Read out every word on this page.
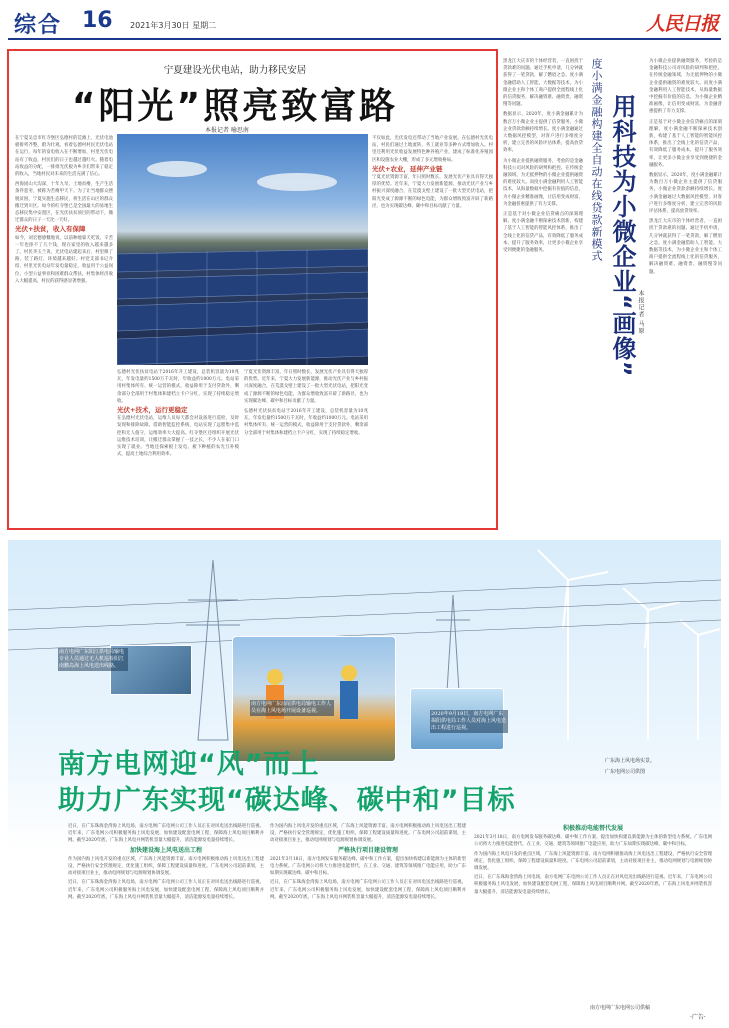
综合 16 2021年3月30日 星期二	人民日报
宁夏建设光伏电站，助力移民安居
“阳光”照亮致富路
本报记者 喻思南

在宁夏吴忠市红寺堡区弘德村的荒滩上，光伏电池板排列齐整，蔚为壮观。看着弘德村村民光伏电站在运行，每年的发电收入在不断增加，村里光伏电站有了收益，村民们的日子也越过越红火。随着电站收益的分配，一排排光伏板为乡亲们带来了稳定的收入，当地村民对未来的生活充满了信心。

西海固山大沟深，十年九旱，土地贫瘠，生产生活条件恶劣，被称为苦瘠甲天下。为了让当地群众摆脱贫困，宁夏实施生态移民，将生活在山区的群众搬迁到川区。如今的红寺堡已是全国最大的易地生态移民集中安置区，在光伏扶贫项目的带动下，搬迁群众的日子一天比一天好。

光伏+扶贫，收入有保障

如今，刘宏德感慨地说，以前种地靠天吃饭，辛苦一年也挣不了几个钱，现在家里的收入越来越多了。村民李玉兰说，光伏电站建起来后，村里修了路，装了路灯，环境越来越好。村党支部书记介绍，村里光伏电站年发电量稳定，收益用于公益岗位、小型公益事业和困难群众帮扶，村集体经济收入大幅提高，村民的获得感显著增强。

不仅如此，光伏发电还带动了当地产业发展。在弘德村光伏电站，村民们通过土地流转、务工就业等多种方式增加收入。村里还利用光伏收益发展特色种养殖产业，建成了标准化养殖园区和设施农业大棚，形成了多元增收格局。

光伏+农业，延伸产业链

宁夏光伏资源丰富，年日照时数长，发展光伏产业具有得天独厚的优势。近年来，宁夏大力发展新能源，推动光伏产业与乡村振兴深度融合，在荒漠戈壁上建设了一批大型光伏电站，把阳光变成了源源不断的绿色电能，为群众增收致富开辟了新路径，也为实现碳达峰、碳中和目标贡献了力量。

弘德村光伏扶贫电站于2016年开工建设，总装机容量为10兆瓦，年发电量约1500万千瓦时，年收益约1000万元。电站采用村集体所有、统一运营的模式，收益除用于支付贷款外，剩余部分全部用于村集体和建档立卡户分红，实现了持续稳定增收。

光伏+技术，运行更稳定

在弘德村光伏电站，运维人员每天都会对设备进行巡检，及时发现和排除故障。借助智能监控系统，电站实现了远程集中监控和无人值守，运维效率大大提高。红寺堡区还组织开展光伏运维技术培训，让搬迁群众掌握了一技之长，不少人在家门口实现了就业。当地还探索板上发电、板下种植的农光互补模式，提高土地综合利用效率。

宁夏光伏资源丰富，年日照时数长，发展光伏产业具有得天独厚的优势。近年来，宁夏大力发展新能源，推动光伏产业与乡村振兴深度融合，在荒漠戈壁上建设了一批大型光伏电站，把阳光变成了源源不断的绿色电能，为群众增收致富开辟了新路径，也为实现碳达峰、碳中和目标贡献了力量。

弘德村光伏扶贫电站于2016年开工建设，总装机容量为10兆瓦，年发电量约1500万千瓦时，年收益约1000万元。电站采用村集体所有、统一运营的模式，收益除用于支付贷款外，剩余部分全部用于村集体和建档立卡户分红，实现了持续稳定增收。

黑龙江大庆市的个体经营者，一直困扰于贷款难的问题。通过手机申请，几分钟就获得了一笔贷款，解了燃眉之急。度小满金融借助人工智能、大数据等技术，为小微企业主和个体工商户提供全流程线上化的信贷服务，解决融资难、融资贵、融资慢等问题。

数据显示，2020年，度小满金融累计为数百万小微企业主提供了信贷服务，小微企业贷款余额持续增长。度小满金融通过大数据风控模型，对客户进行多维度分析，建立完善的风险评估体系，提高放贷效率。

为小微企业提供融资服务，考验的是金融科技公司对风险的研判和把控。在传统金融领域，为无抵押物的小微企业提供融资的难度较大。而度小满金融利用人工智能技术，从海量数据中挖掘有价值的信息，为小微企业精准画像，让信用变成财富，为金融普惠提供了有力支撑。

正是基于对小微企业信贷痛点的深刻理解，度小满金融不断探索技术创新，构建了基于人工智能的智能风控体系，推出了全线上化的信贷产品，有效降低了服务成本，提升了服务效率，让更多小微企业享受到便捷的金融服务。	度小满金融构建全自动在线贷款新模式 用科技为小微企业“画像” 本报记者 马原

为小微企业提供融资服务，考验的是金融科技公司对风险的研判和把控。在传统金融领域，为无抵押物的小微企业提供融资的难度较大。而度小满金融利用人工智能技术，从海量数据中挖掘有价值的信息，为小微企业精准画像，让信用变成财富，为金融普惠提供了有力支撑。

正是基于对小微企业信贷痛点的深刻理解，度小满金融不断探索技术创新，构建了基于人工智能的智能风控体系，推出了全线上化的信贷产品，有效降低了服务成本，提升了服务效率，让更多小微企业享受到便捷的金融服务。

数据显示，2020年，度小满金融累计为数百万小微企业主提供了信贷服务，小微企业贷款余额持续增长。度小满金融通过大数据风控模型，对客户进行多维度分析，建立完善的风险评估体系，提高放贷效率。

黑龙江大庆市的个体经营者，一直困扰于贷款难的问题。通过手机申请，几分钟就获得了一笔贷款，解了燃眉之急。度小满金融借助人工智能、大数据等技术，为小微企业主和个体工商户提供全流程线上化的信贷服务，解决融资难、融资贵、融资慢等问题。

南方电网广东阳江供电局输电专业人员通过无人机巡检阳江南鹏岛海上风电送出线路。
南方电网广东汕尾供电局输电工作人员在海上风电场开展设备巡视。	2020年9月18日，南方电网广东揭阳供电局工作人员对海上风电送出工程进行巡视。
广东海上风电场实景。
广东电网公司供图
南方电网迎“风”而上
助力广东实现“碳达峰、碳中和”目标

近日，在广东珠海金湾海上风电场，南方电网广东电网公司工作人员正在对风电送出线路进行巡视。近年来，广东电网公司积极服务海上风电发展，加快建设配套电网工程，保障海上风电项目顺利并网。截至2020年底，广东海上风电并网装机容量大幅提升，清洁能源发电量持续增长。

加快建设海上风电送出工程

作为国内海上风电开发的重点区域，广东海上风能资源丰富。南方电网积极推动海上风电送出工程建设，严格执行安全管理规定，优化施工组织，保障工程建设质量和进度。广东电网公司超前谋划，主动对接项目业主，推动电网规划与电源规划协调发展。

近日，在广东珠海金湾海上风电场，南方电网广东电网公司工作人员正在对风电送出线路进行巡视。近年来，广东电网公司积极服务海上风电发展，加快建设配套电网工程，保障海上风电项目顺利并网。截至2020年底，广东海上风电并网装机容量大幅提升，清洁能源发电量持续增长。

作为国内海上风电开发的重点区域，广东海上风能资源丰富。南方电网积极推动海上风电送出工程建设，严格执行安全管理规定，优化施工组织，保障工程建设质量和进度。广东电网公司超前谋划，主动对接项目业主，推动电网规划与电源规划协调发展。

严格执行项目建设管理

2021年3月18日，南方电网发布服务碳达峰、碳中和工作方案，提出加快构建以新能源为主体的新型电力系统。广东电网公司将大力推进电能替代，在工业、交通、建筑等领域推广电能应用，助力广东如期实现碳达峰、碳中和目标。

近日，在广东珠海金湾海上风电场，南方电网广东电网公司工作人员正在对风电送出线路进行巡视。近年来，广东电网公司积极服务海上风电发展，加快建设配套电网工程，保障海上风电项目顺利并网。截至2020年底，广东海上风电并网装机容量大幅提升，清洁能源发电量持续增长。

积极推动电能替代发展

2021年3月18日，南方电网发布服务碳达峰、碳中和工作方案，提出加快构建以新能源为主体的新型电力系统。广东电网公司将大力推进电能替代，在工业、交通、建筑等领域推广电能应用，助力广东如期实现碳达峰、碳中和目标。

作为国内海上风电开发的重点区域，广东海上风能资源丰富。南方电网积极推动海上风电送出工程建设，严格执行安全管理规定，优化施工组织，保障工程建设质量和进度。广东电网公司超前谋划，主动对接项目业主，推动电网规划与电源规划协调发展。

近日，在广东珠海金湾海上风电场，南方电网广东电网公司工作人员正在对风电送出线路进行巡视。近年来，广东电网公司积极服务海上风电发展，加快建设配套电网工程，保障海上风电项目顺利并网。截至2020年底，广东海上风电并网装机容量大幅提升，清洁能源发电量持续增长。

南方电网广东电网公司供稿
·广告·
